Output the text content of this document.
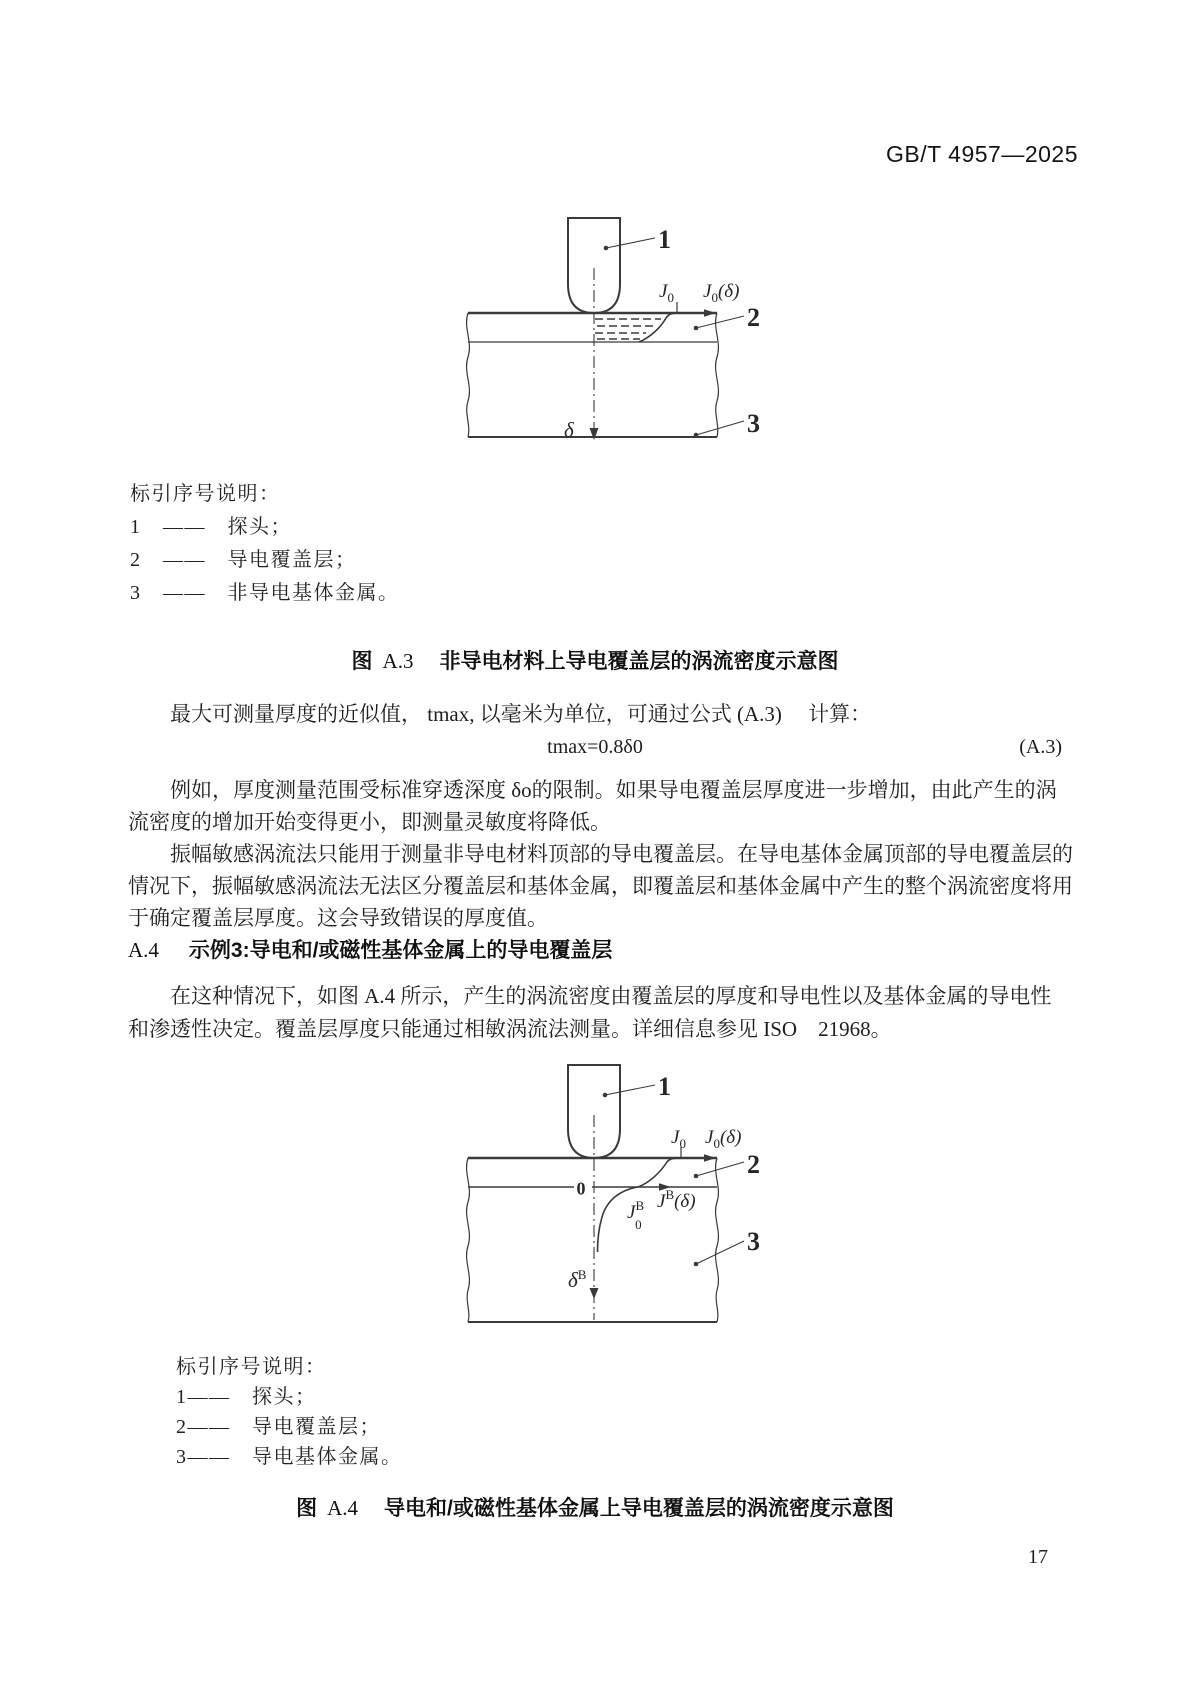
GB/T 4957—2025
1
2
3
$J_0$ $J_0(\delta)$
δ
标引序号说明：
1　——　探头；
2　——　导电覆盖层；
3　——　非导电基体金属。
图 A.3 非导电材料上导电覆盖层的涡流密度示意图
最大可测量厚度的近似值， tmax, 以毫米为单位，可通过公式 (A.3)　 计算：
tmax=0.8δ0	(A.3)
例如，厚度测量范围受标准穿透深度 δo的限制。如果导电覆盖层厚度进一步增加，由此产生的涡
流密度的增加开始变得更小，即测量灵敏度将降低。
振幅敏感涡流法只能用于测量非导电材料顶部的导电覆盖层。在导电基体金属顶部的导电覆盖层的
情况下，振幅敏感涡流法无法区分覆盖层和基体金属，即覆盖层和基体金属中产生的整个涡流密度将用
于确定覆盖层厚度。这会导致错误的厚度值。
A.4 示例3:导电和/或磁性基体金属上的导电覆盖层
在这种情况下，如图 A.4 所示，产生的涡流密度由覆盖层的厚度和导电性以及基体金属的导电性
和渗透性决定。覆盖层厚度只能通过相敏涡流法测量。详细信息参见 ISO　21968。
1
2
3
$J_0$ $J_0(\delta)$
0
$J^B$ 0
$J^B(\delta)$
$\delta^B$
标引序号说明：
1——　探头；
2——　导电覆盖层；
3——　导电基体金属。
图 A.4 导电和/或磁性基体金属上导电覆盖层的涡流密度示意图
17
